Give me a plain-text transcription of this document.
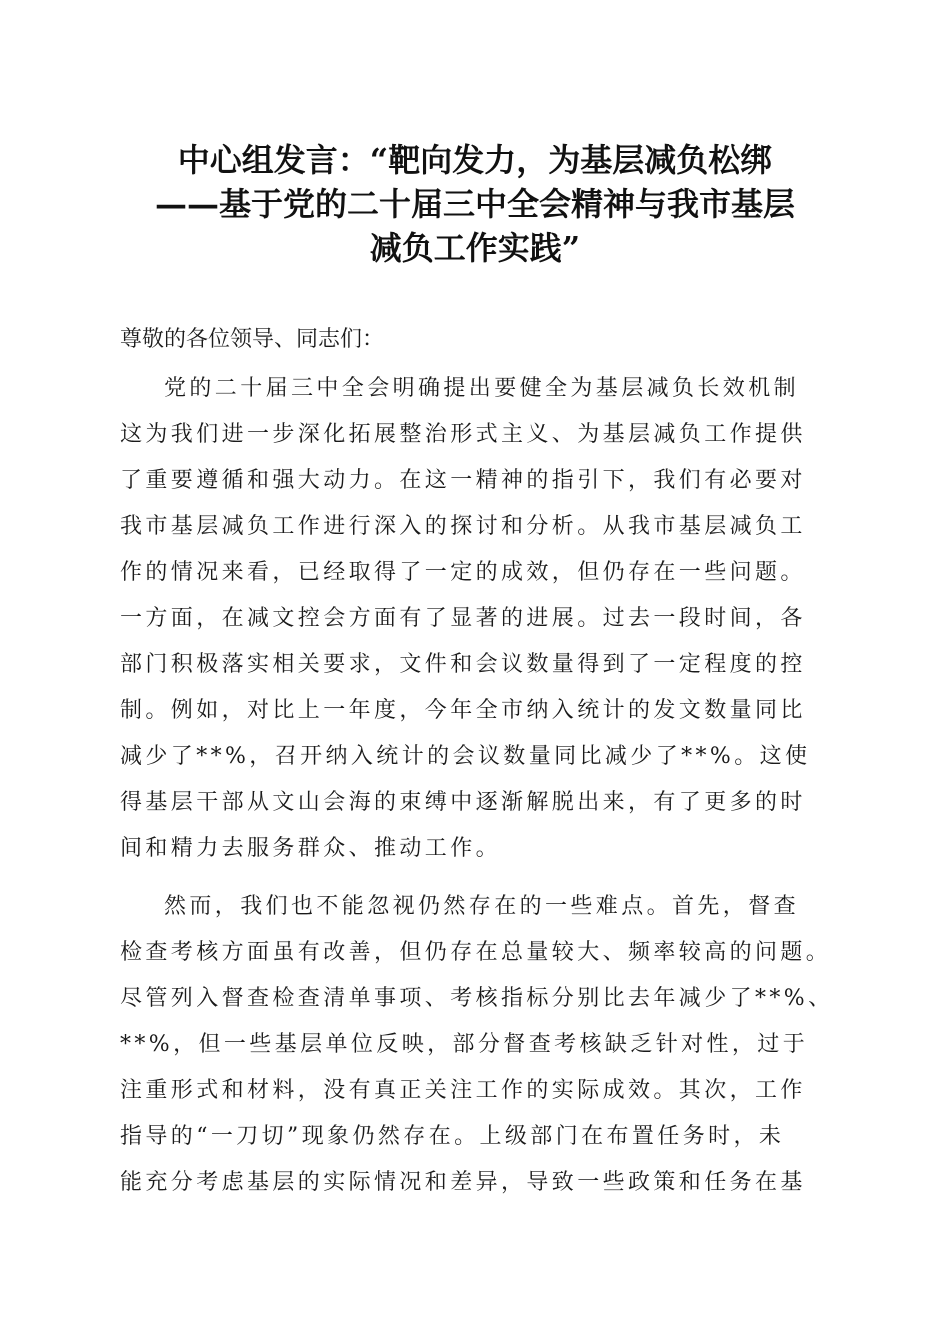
中心组发言：“靶向发力，为基层减负松绑
——基于党的二十届三中全会精神与我市基层
减负工作实践”

尊敬的各位领导、同志们：

党的二十届三中全会明确提出要健全为基层减负长效机制
这为我们进一步深化拓展整治形式主义、为基层减负工作提供
了重要遵循和强大动力。在这一精神的指引下，我们有必要对
我市基层减负工作进行深入的探讨和分析。从我市基层减负工
作的情况来看，已经取得了一定的成效，但仍存在一些问题。
一方面，在减文控会方面有了显著的进展。过去一段时间，各
部门积极落实相关要求，文件和会议数量得到了一定程度的控
制。例如，对比上一年度，今年全市纳入统计的发文数量同比
减少了**%，召开纳入统计的会议数量同比减少了**%。这使
得基层干部从文山会海的束缚中逐渐解脱出来，有了更多的时
间和精力去服务群众、推动工作。
然而，我们也不能忽视仍然存在的一些难点。首先，督查
检查考核方面虽有改善，但仍存在总量较大、频率较高的问题。
尽管列入督查检查清单事项、考核指标分别比去年减少了**%、
**%，但一些基层单位反映，部分督查考核缺乏针对性，过于
注重形式和材料，没有真正关注工作的实际成效。其次，工作
指导的“一刀切”现象仍然存在。上级部门在布置任务时，未
能充分考虑基层的实际情况和差异，导致一些政策和任务在基
